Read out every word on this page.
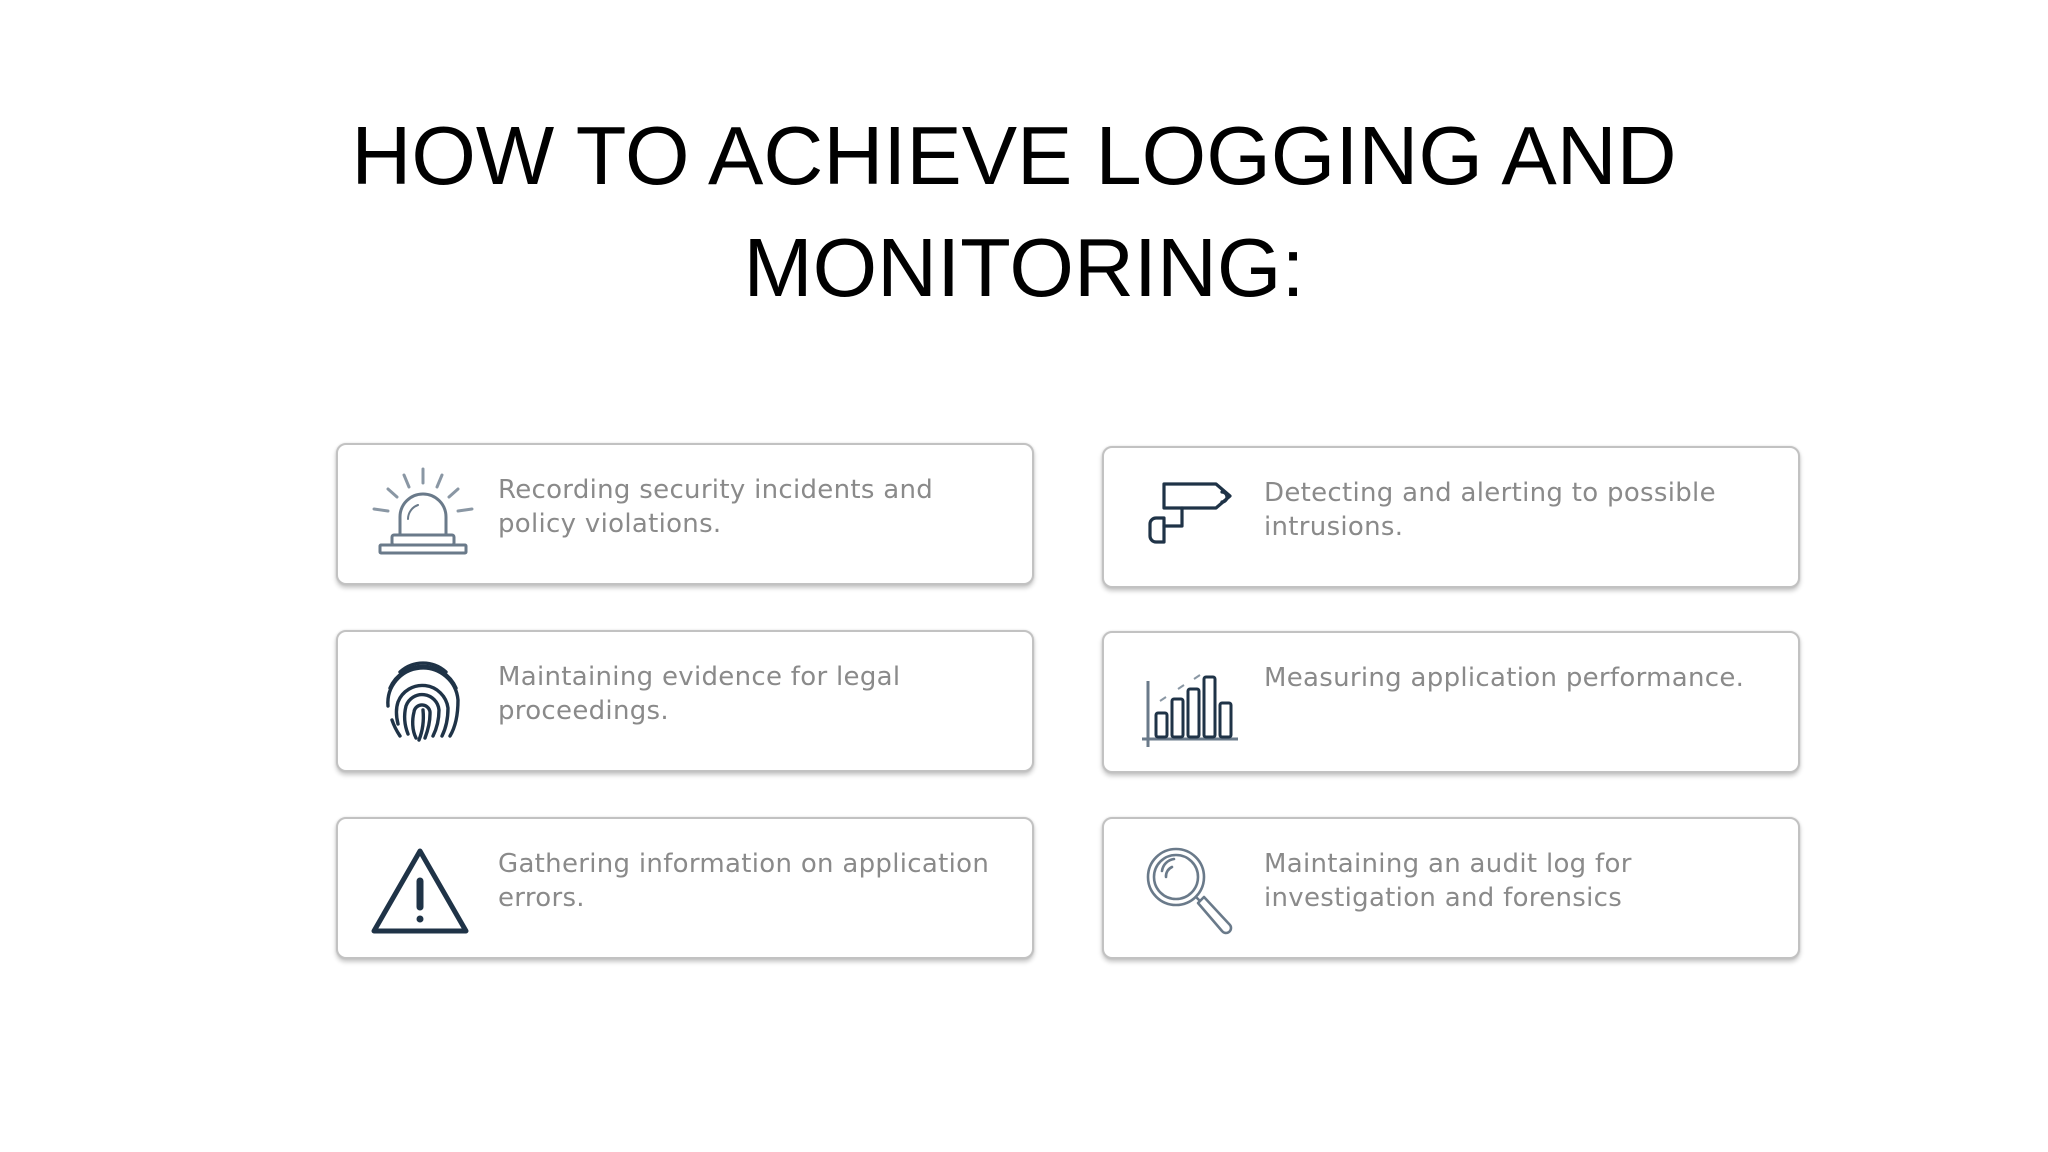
HOW TO ACHIEVE LOGGING AND
MONITORING:
Recording security incidents and policy violations.
Detecting and alerting to possible intrusions.
Maintaining evidence for legal proceedings.
Measuring application performance.
Gathering information on application errors.
Maintaining an audit log for investigation and forensics
